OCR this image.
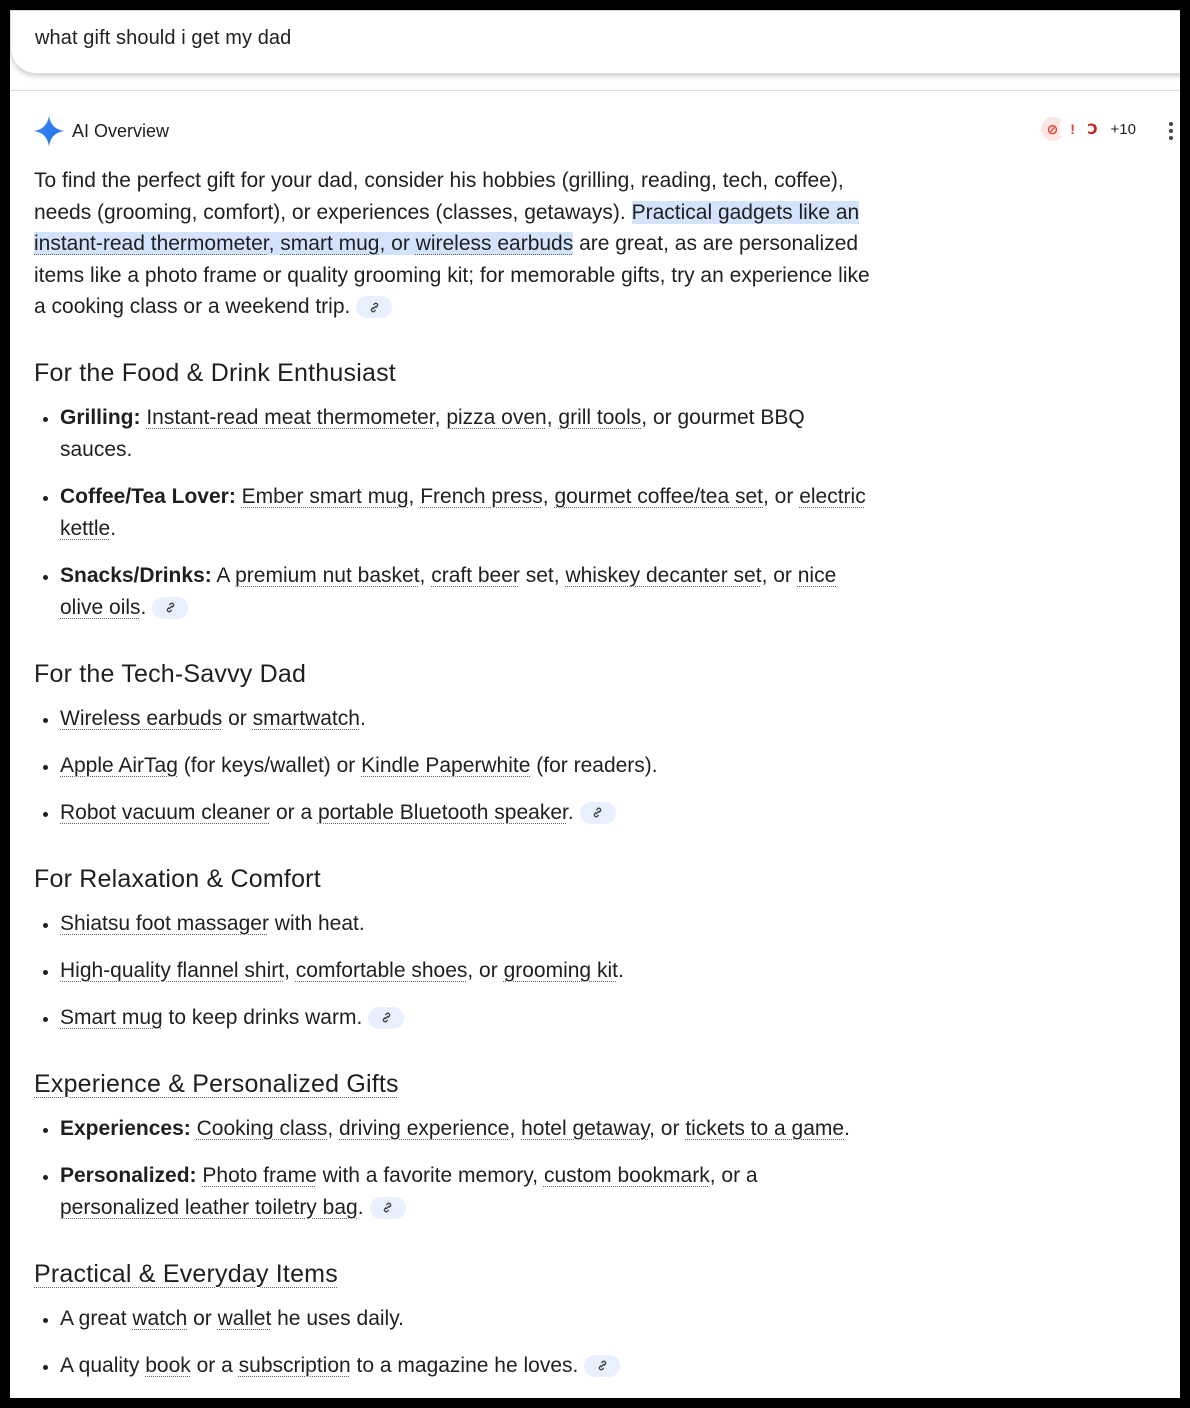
what gift should i get my dad
AI Overview	⊘ ! Ↄ +10

To find the perfect gift for your dad, consider his hobbies (grilling, reading, tech, coffee), needs (grooming, comfort), or experiences (classes, getaways). Practical gadgets like an instant-read thermometer, smart mug, or wireless earbuds are great, as are personalized items like a photo frame or quality grooming kit; for memorable gifts, try an experience like a cooking class or a weekend trip.

For the Food & Drink Enthusiast
• Grilling: Instant-read meat thermometer, pizza oven, grill tools, or gourmet BBQ sauces.
• Coffee/Tea Lover: Ember smart mug, French press, gourmet coffee/tea set, or electric kettle.
• Snacks/Drinks: A premium nut basket, craft beer set, whiskey decanter set, or nice olive oils.
For the Tech-Savvy Dad
• Wireless earbuds or smartwatch.
• Apple AirTag (for keys/wallet) or Kindle Paperwhite (for readers).
• Robot vacuum cleaner or a portable Bluetooth speaker.
For Relaxation & Comfort
• Shiatsu foot massager with heat.
• High-quality flannel shirt, comfortable shoes, or grooming kit.
• Smart mug to keep drinks warm.
Experience & Personalized Gifts
• Experiences: Cooking class, driving experience, hotel getaway, or tickets to a game.
• Personalized: Photo frame with a favorite memory, custom bookmark, or a personalized leather toiletry bag.
Practical & Everyday Items
• A great watch or wallet he uses daily.
• A quality book or a subscription to a magazine he loves.
